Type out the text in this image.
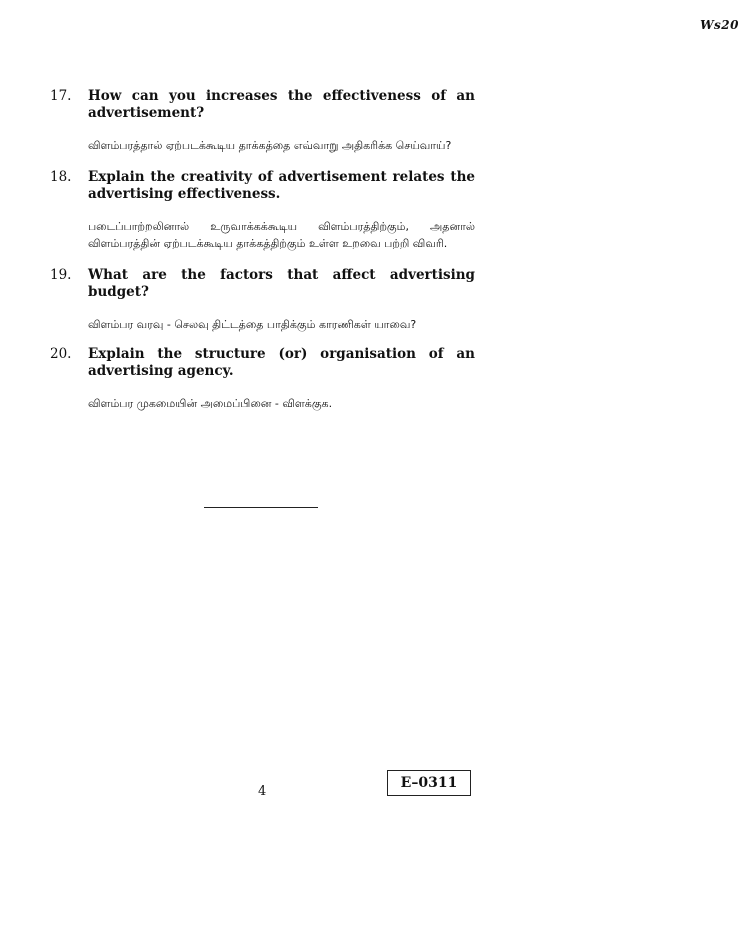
Ws20
17.	How can you increases the effectiveness of an advertisement?

விளம்பரத்தால் ஏற்படக்கூடிய தாக்கத்தை எவ்வாறு அதிகரிக்க செய்வாய்?

18.	Explain the creativity of advertisement relates the advertising effectiveness.

படைப்பாற்றலினால் உருவாக்கக்கூடிய விளம்பரத்திற்கும், அதனால் விளம்பரத்தின் ஏற்படக்கூடிய தாக்கத்திற்கும் உள்ள உறவை பற்றி விவரி.

19.	What are the factors that affect advertising budget?

விளம்பர வரவு - செலவு திட்டத்தை பாதிக்கும் காரணிகள் யாவை?

20.	Explain the structure (or) organisation of an advertising agency.

விளம்பர முகமையின் அமைப்பினை - விளக்குக.

4
E–0311
